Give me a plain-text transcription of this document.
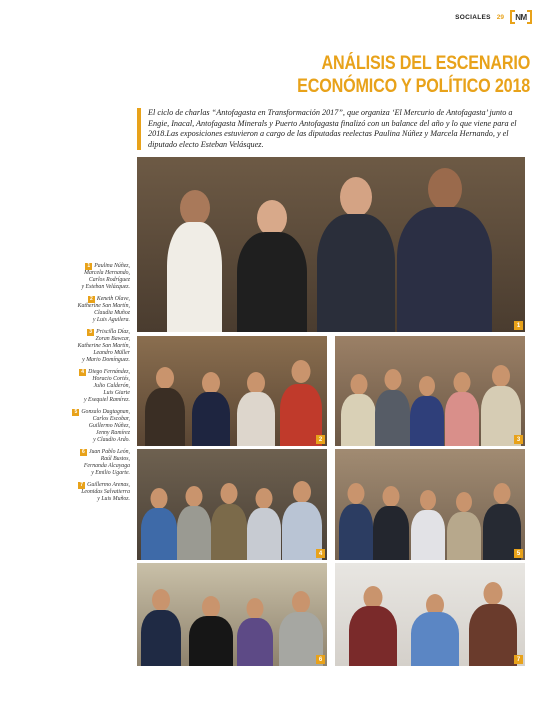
SOCIALES 29 NM
ANÁLISIS DEL ESCENARIO
ECONÓMICO Y POLÍTICO 2018
El ciclo de charlas “Antofagasta en Transformación 2017”, que organiza ‘El Mercurio de Antofagasta’ junto a Engie, Inacal, Antofagasta Minerals y Puerto Antofagasta finalizó con un balance del año y lo que viene para el 2018.Las exposiciones estuvieron a cargo de las diputadas reelectas Paulina Núñez y Marcela Hernando, y el diputado electo Esteban Velásquez.
1
2	3
4	5
6	7
1 Paulina Núñez,
Marcela Hernando,
Carlos Rodríguez
y Esteban Velázquez.
2 Keneth Olave,
Katherine San Martín,
Claudia Muñoz
y Luis Aguilera.
3 Priscilla Díaz,
Zoran Bawcar,
Katherine San Martín,
Leandro Müller
y Mario Domínguez.
4 Diego Fernández,
Horacio Cortés,
Julio Calderón,
Luis Giarte
y Esequiel Ramírez.
5 Gonzalo Dagtagnan,
Carlos Escobar,
Guillermo Núñez,
Jenny Ramírez
y Claudio Ardo.
6 Juan Pablo León,
Raúl Bustos,
Fernanda Alcayaga
y Emilio Ugarte.
7 Guillermo Arenas,
Leonidas Salvatierra
y Luis Muñoz.
